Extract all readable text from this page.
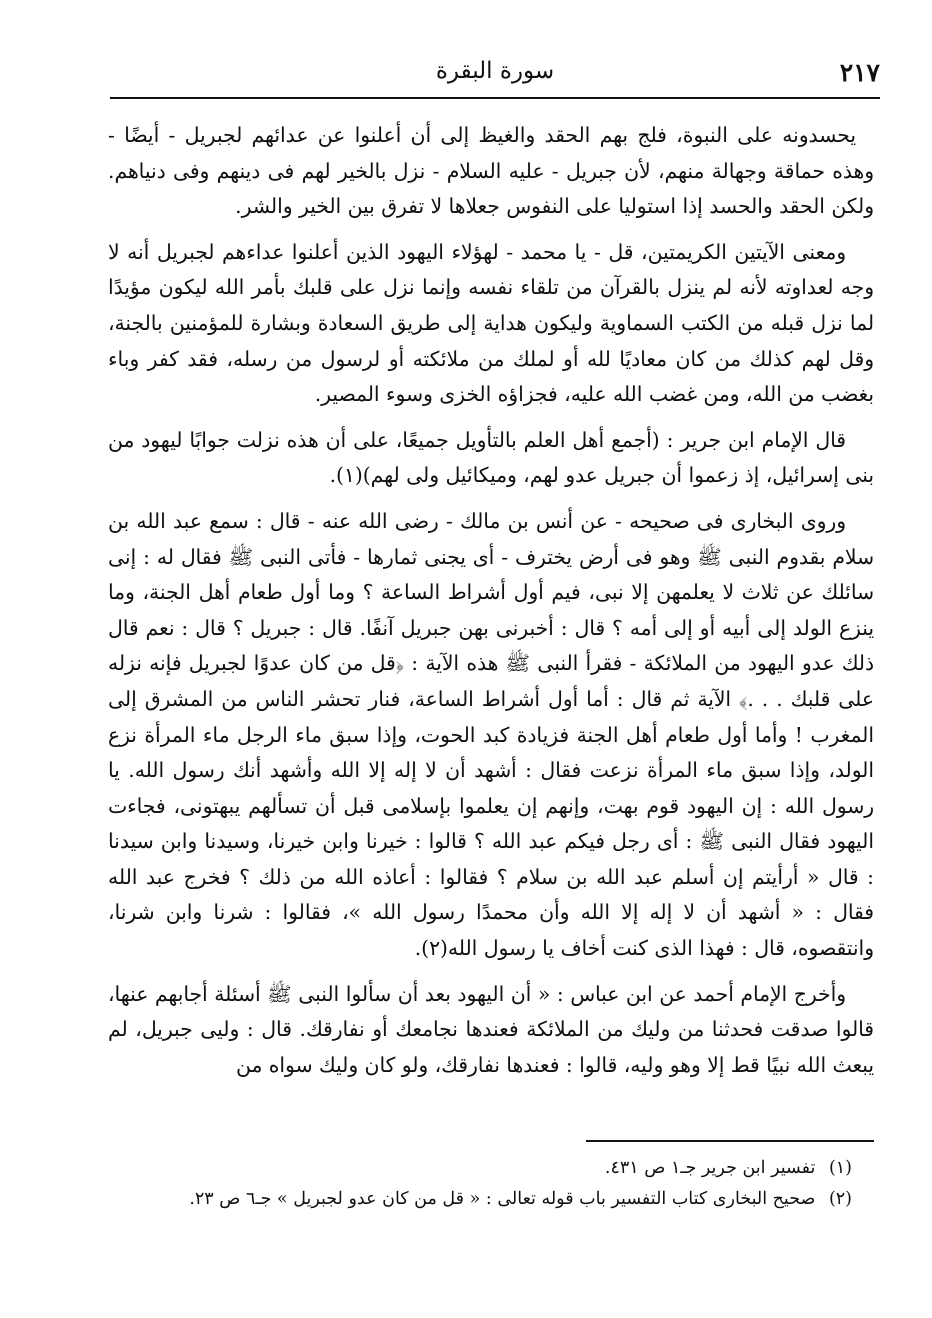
٢١٧
سورة البقرة

يحسدونه على النبوة، فلج بهم الحقد والغيظ إلى أن أعلنوا عن عدائهم لجبريل - أيضًا - وهذه حماقة وجهالة منهم، لأن جبريل - عليه السلام - نزل بالخير لهم فى دينهم وفى دنياهم. ولكن الحقد والحسد إذا استوليا على النفوس جعلاها لا تفرق بين الخير والشر.

ومعنى الآيتين الكريمتين، قل - يا محمد - لهؤلاء اليهود الذين أعلنوا عداءهم لجبريل أنه لا وجه لعداوته لأنه لم ينزل بالقرآن من تلقاء نفسه وإنما نزل على قلبك بأمر الله ليكون مؤيدًا لما نزل قبله من الكتب السماوية وليكون هداية إلى طريق السعادة وبشارة للمؤمنين بالجنة، وقل لهم كذلك من كان معاديًا لله أو لملك من ملائكته أو لرسول من رسله، فقد كفر وباء بغضب من الله، ومن غضب الله عليه، فجزاؤه الخزى وسوء المصير.

قال الإمام ابن جرير : (أجمع أهل العلم بالتأويل جميعًا، على أن هذه نزلت جوابًا ليهود من بنى إسرائيل، إذ زعموا أن جبريل عدو لهم، وميكائيل ولى لهم)(١).

وروى البخارى فى صحيحه - عن أنس بن مالك - رضى الله عنه - قال : سمع عبد الله بن سلام بقدوم النبى ﷺ وهو فى أرض يخترف - أى يجنى ثمارها - فأتى النبى ﷺ فقال له : إنى سائلك عن ثلاث لا يعلمهن إلا نبى، فيم أول أشراط الساعة ؟ وما أول طعام أهل الجنة، وما ينزع الولد إلى أبيه أو إلى أمه ؟ قال : أخبرنى بهن جبريل آنفًا. قال : جبريل ؟ قال : نعم قال ذلك عدو اليهود من الملائكة - فقرأ النبى ﷺ هذه الآية : ﴿قل من كان عدوًا لجبريل فإنه نزله على قلبك . . .﴾ الآية ثم قال : أما أول أشراط الساعة، فنار تحشر الناس من المشرق إلى المغرب ! وأما أول طعام أهل الجنة فزيادة كبد الحوت، وإذا سبق ماء الرجل ماء المرأة نزع الولد، وإذا سبق ماء المرأة نزعت فقال : أشهد أن لا إله إلا الله وأشهد أنك رسول الله. يا رسول الله : إن اليهود قوم بهت، وإنهم إن يعلموا بإسلامى قبل أن تسألهم يبهتونى، فجاءت اليهود فقال النبى ﷺ : أى رجل فيكم عبد الله ؟ قالوا : خيرنا وابن خيرنا، وسيدنا وابن سيدنا : قال « أرأيتم إن أسلم عبد الله بن سلام ؟ فقالوا : أعاذه الله من ذلك ؟ فخرج عبد الله فقال : « أشهد أن لا إله إلا الله وأن محمدًا رسول الله »، فقالوا : شرنا وابن شرنا، وانتقصوه، قال : فهذا الذى كنت أخاف يا رسول الله(٢).

وأخرج الإمام أحمد عن ابن عباس : « أن اليهود بعد أن سألوا النبى ﷺ أسئلة أجابهم عنها، قالوا صدقت فحدثنا من وليك من الملائكة فعندها نجامعك أو نفارقك. قال : وليى جبريل، لم يبعث الله نبيًا قط إلا وهو وليه، قالوا : فعندها نفارقك، ولو كان وليك سواه من

(١) تفسير ابن جرير جـ١ ص ٤٣١.

(٢) صحيح البخارى كتاب التفسير باب قوله تعالى : « قل من كان عدو لجبريل » جـ٦ ص ٢٣.
